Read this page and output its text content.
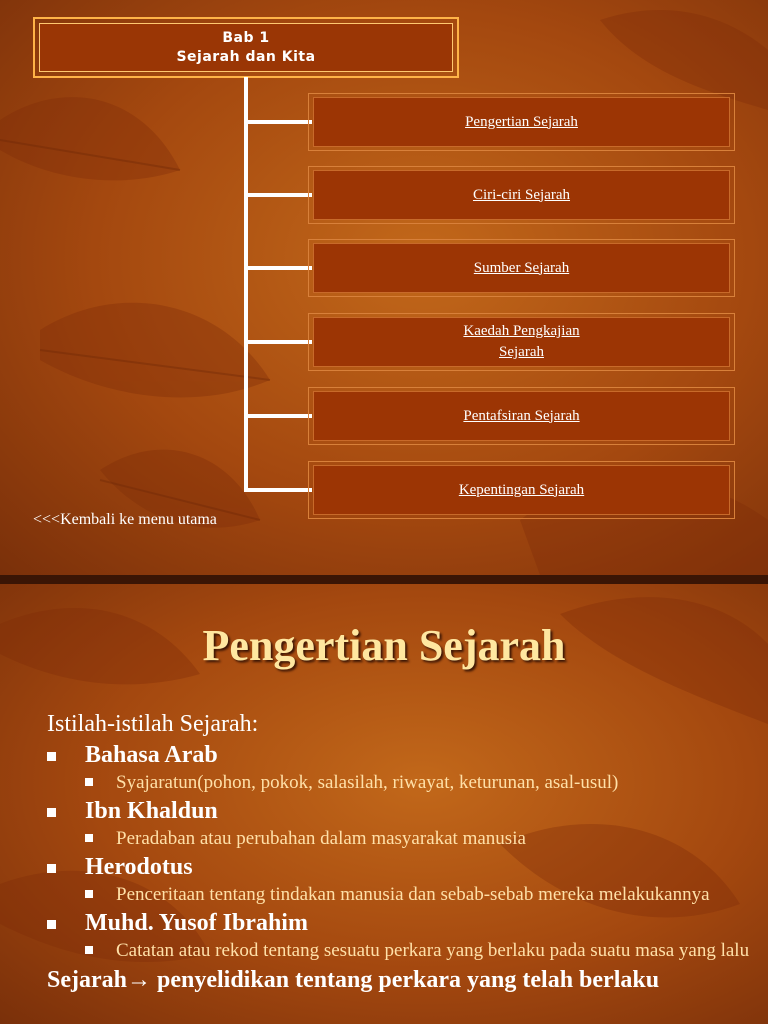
Bab 1
Sejarah dan Kita
Pengertian Sejarah
Ciri-ciri Sejarah
Sumber Sejarah
Kaedah Pengkajian
Sejarah
Pentafsiran Sejarah
Kepentingan Sejarah
<<<Kembali ke menu utama
Pengertian Sejarah
Istilah-istilah Sejarah:
Bahasa Arab
Syajaratun(pohon, pokok, salasilah, riwayat, keturunan, asal-usul)
Ibn Khaldun
Peradaban atau perubahan dalam masyarakat manusia
Herodotus
Penceritaan tentang tindakan manusia dan sebab-sebab mereka melakukannya
Muhd. Yusof Ibrahim
Catatan atau rekod tentang sesuatu perkara yang berlaku pada suatu masa yang lalu
Sejarah→ penyelidikan tentang perkara yang telah berlaku
